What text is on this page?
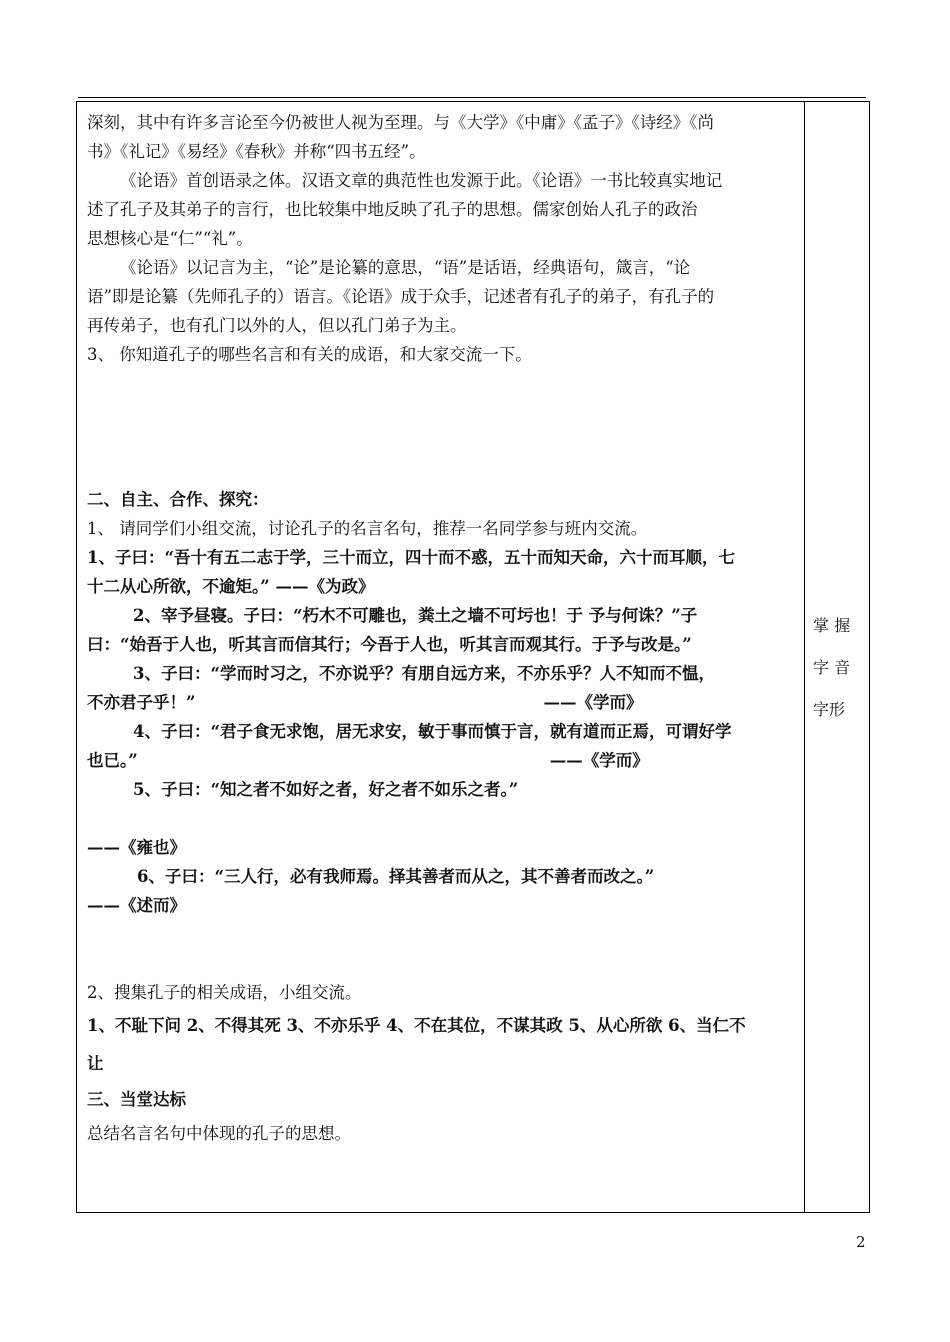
深刻，其中有许多言论至今仍被世人视为至理。与《大学》《中庸》《孟子》《诗经》《尚

书》《礼记》《易经》《春秋》并称“四书五经”。

《论语》首创语录之体。汉语文章的典范性也发源于此。《论语》一书比较真实地记

述了孔子及其弟子的言行，也比较集中地反映了孔子的思想。儒家创始人孔子的政治

思想核心是“仁”“礼”。

《论语》以记言为主，“论”是论纂的意思，“语”是话语，经典语句，箴言，“论

语”即是论纂（先师孔子的）语言。《论语》成于众手，记述者有孔子的弟子，有孔子的

再传弟子，也有孔门以外的人，但以孔门弟子为主。

3、 你知道孔子的哪些名言和有关的成语，和大家交流一下。

二、自主、合作、探究：

1、 请同学们小组交流，讨论孔子的名言名句，推荐一名同学参与班内交流。

1、子曰：“吾十有五二志于学，三十而立，四十而不惑，五十而知天命，六十而耳顺，七

十二从心所欲，不逾矩。” ——《为政》

2、宰予昼寝。子曰：“朽木不可雕也，粪土之墙不可圬也！于 予与何诛？”子

曰：“始吾于人也，听其言而信其行；今吾于人也，听其言而观其行。于予与改是。”

3、子曰：“学而时习之，不亦说乎？有朋自远方来，不亦乐乎？人不知而不愠，

不亦君子乎！”	——《学而》

4、子曰：“君子食无求饱，居无求安，敏于事而慎于言，就有道而正焉，可谓好学

也已。”	——《学而》

5、子曰：“知之者不如好之者，好之者不如乐之者。”

——《雍也》

6、子曰：“三人行，必有我师焉。择其善者而从之，其不善者而改之。”

——《述而》

2、搜集孔子的相关成语，小组交流。

1、不耻下问 2、不得其死 3、不亦乐乎 4、不在其位，不谋其政 5、从心所欲 6、当仁不

让

三、当堂达标

总结名言名句中体现的孔子的思想。

掌 握
字 音
字形
2
